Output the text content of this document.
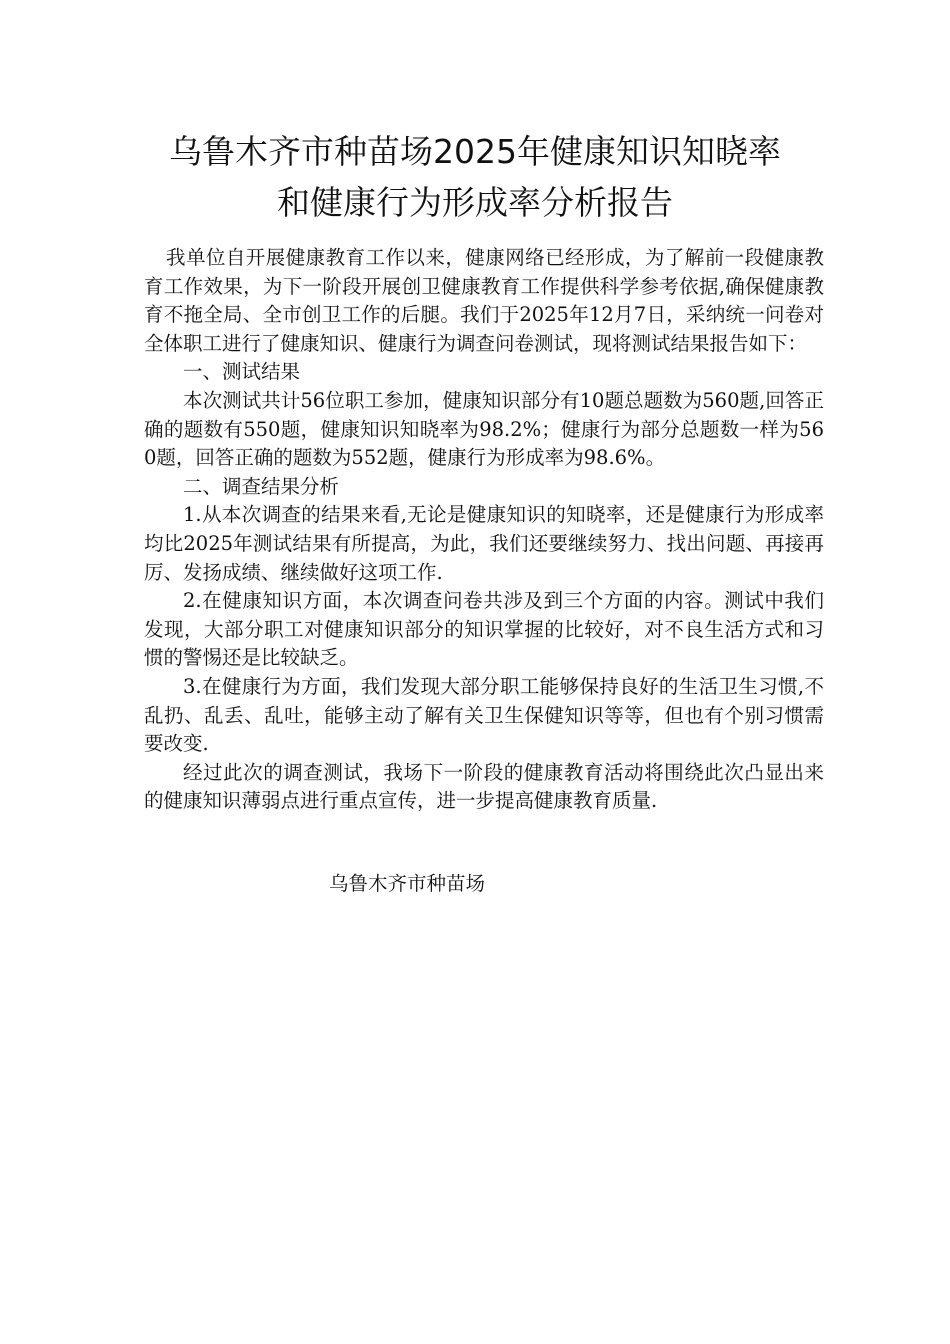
乌鲁木齐市种苗场2025年健康知识知晓率
和健康行为形成率分析报告

我单位自开展健康教育工作以来，健康网络已经形成，为了解前一段健康教育工作效果，为下一阶段开展创卫健康教育工作提供科学参考依据,确保健康教育不拖全局、全市创卫工作的后腿。我们于2025年12月7日，采纳统一问卷对全体职工进行了健康知识、健康行为调查问卷测试，现将测试结果报告如下：

一、测试结果

本次测试共计56位职工参加，健康知识部分有10题总题数为560题,回答正确的题数有550题，健康知识知晓率为98.2%；健康行为部分总题数一样为560题，回答正确的题数为552题，健康行为形成率为98.6%。

二、调查结果分析

1.从本次调查的结果来看,无论是健康知识的知晓率，还是健康行为形成率均比2025年测试结果有所提高，为此，我们还要继续努力、找出问题、再接再厉、发扬成绩、继续做好这项工作.

2.在健康知识方面，本次调查问卷共涉及到三个方面的内容。测试中我们发现，大部分职工对健康知识部分的知识掌握的比较好，对不良生活方式和习惯的警惕还是比较缺乏。

3.在健康行为方面，我们发现大部分职工能够保持良好的生活卫生习惯,不乱扔、乱丢、乱吐，能够主动了解有关卫生保健知识等等，但也有个别习惯需要改变.

经过此次的调查测试，我场下一阶段的健康教育活动将围绕此次凸显出来的健康知识薄弱点进行重点宣传，进一步提高健康教育质量.

乌鲁木齐市种苗场
